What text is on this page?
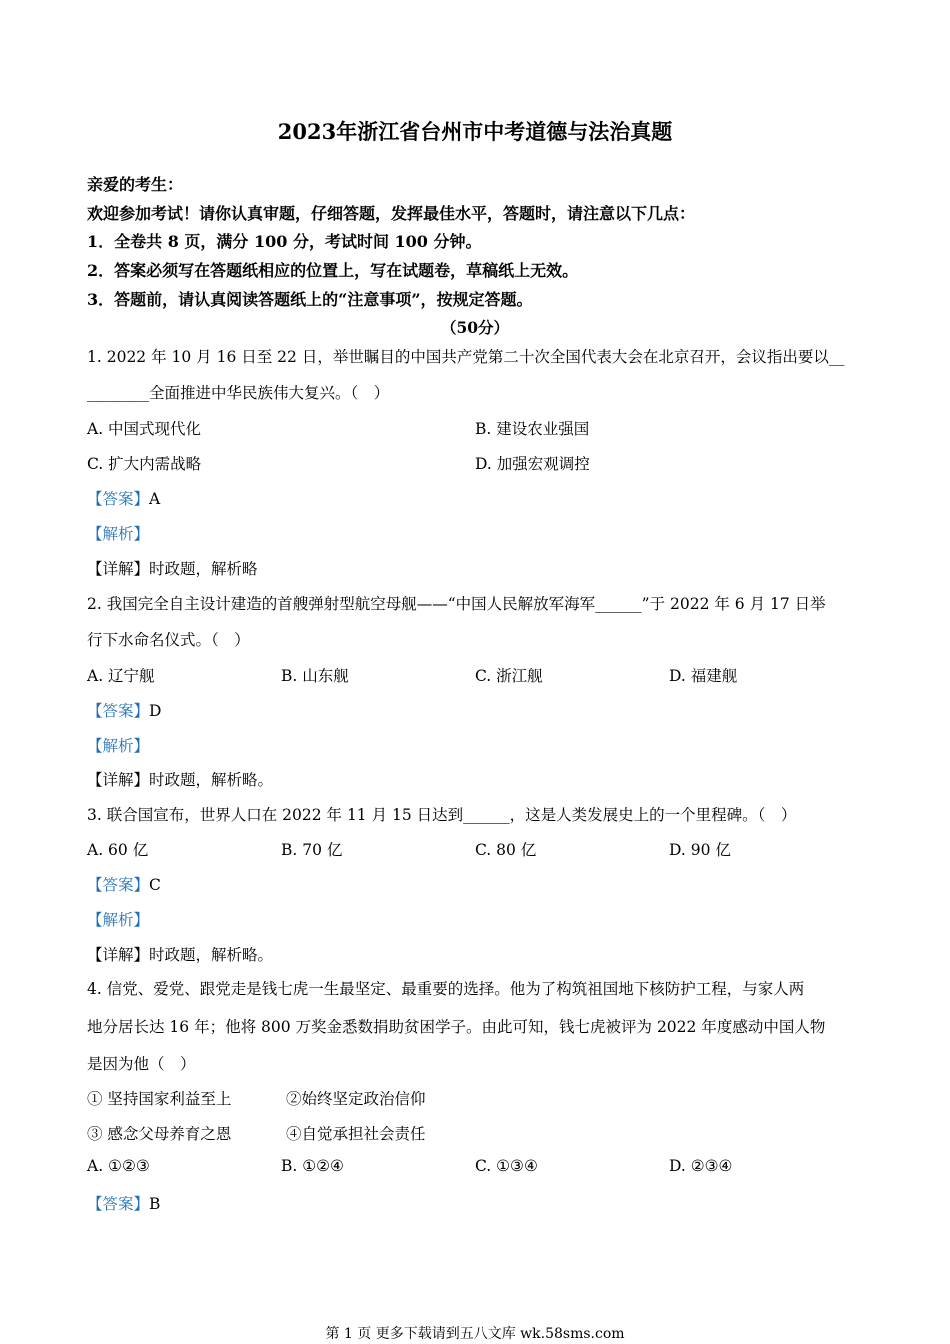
2023年浙江省台州市中考道德与法治真题
亲爱的考生：
欢迎参加考试！请你认真审题，仔细答题，发挥最佳水平，答题时，请注意以下几点：
1．全卷共 8 页，满分 100 分，考试时间 100 分钟。
2．答案必须写在答题纸相应的位置上，写在试题卷，草稿纸上无效。
3．答题前，请认真阅读答题纸上的“注意事项”，按规定答题。
（50分）
1. 2022 年 10 月 16 日至 22 日，举世瞩目的中国共产党第二十次全国代表大会在北京召开，会议指出要以__
________全面推进中华民族伟大复兴。（　）
A. 中国式现代化	B. 建设农业强国
C. 扩大内需战略	D. 加强宏观调控
【答案】A
【解析】
【详解】时政题，解析略
2. 我国完全自主设计建造的首艘弹射型航空母舰——“中国人民解放军海军______”于 2022 年 6 月 17 日举
行下水命名仪式。（　）
A. 辽宁舰	B. 山东舰	C. 浙江舰	D. 福建舰
【答案】D
【解析】
【详解】时政题，解析略。
3. 联合国宣布，世界人口在 2022 年 11 月 15 日达到______，这是人类发展史上的一个里程碑。（　）
A. 60 亿	B. 70 亿	C. 80 亿	D. 90 亿
【答案】C
【解析】
【详解】时政题，解析略。
4. 信党、爱党、跟党走是钱七虎一生最坚定、最重要的选择。他为了构筑祖国地下核防护工程，与家人两
地分居长达 16 年；他将 800 万奖金悉数捐助贫困学子。由此可知，钱七虎被评为 2022 年度感动中国人物
是因为他（　）
① 坚持国家利益至上	②始终坚定政治信仰
③ 感念父母养育之恩	④自觉承担社会责任
A. ①②③	B. ①②④	C. ①③④	D. ②③④
【答案】B
第 1 页 更多下载请到五八文库 wk.58sms.com
